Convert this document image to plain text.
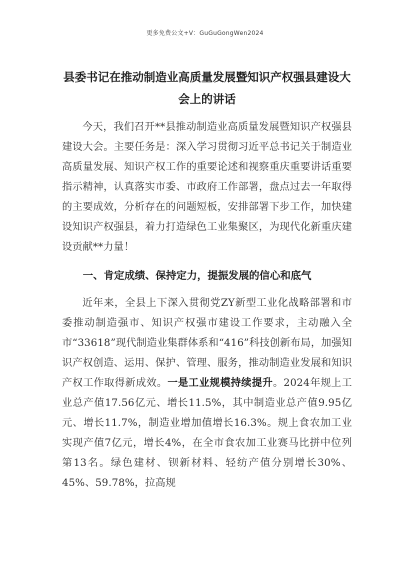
更多免费公文+V：GuGuGongWen2024
县委书记在推动制造业高质量发展暨知识产权强县建设大会上的讲话

今天，我们召开**县推动制造业高质量发展暨知识产权强县建设大会。主要任务是：深入学习贯彻习近平总书记关于制造业高质量发展、知识产权工作的重要论述和视察重庆重要讲话重要指示精神，认真落实市委、市政府工作部署，盘点过去一年取得的主要成效，分析存在的问题短板，安排部署下步工作，加快建设知识产权强县，着力打造绿色工业集聚区，为现代化新重庆建设贡献**力量！

一、肯定成绩、保持定力，提振发展的信心和底气

近年来，全县上下深入贯彻党ZY新型工业化战略部署和市委推动制造强市、知识产权强市建设工作要求，主动融入全市“33618”现代制造业集群体系和“416”科技创新布局，加强知识产权创造、运用、保护、管理、服务，推动制造业发展和知识产权工作取得新成效。一是工业规模持续提升。2024年规上工业总产值17.56亿元、增长11.5%，其中制造业总产值9.95亿元、增长11.7%，制造业增加值增长16.3%。规上食农加工业实现产值7亿元，增长4%，在全市食农加工业赛马比拼中位列第13名。绿色建材、钡新材料、轻纺产值分别增长30%、45%、59.78%，拉高规
